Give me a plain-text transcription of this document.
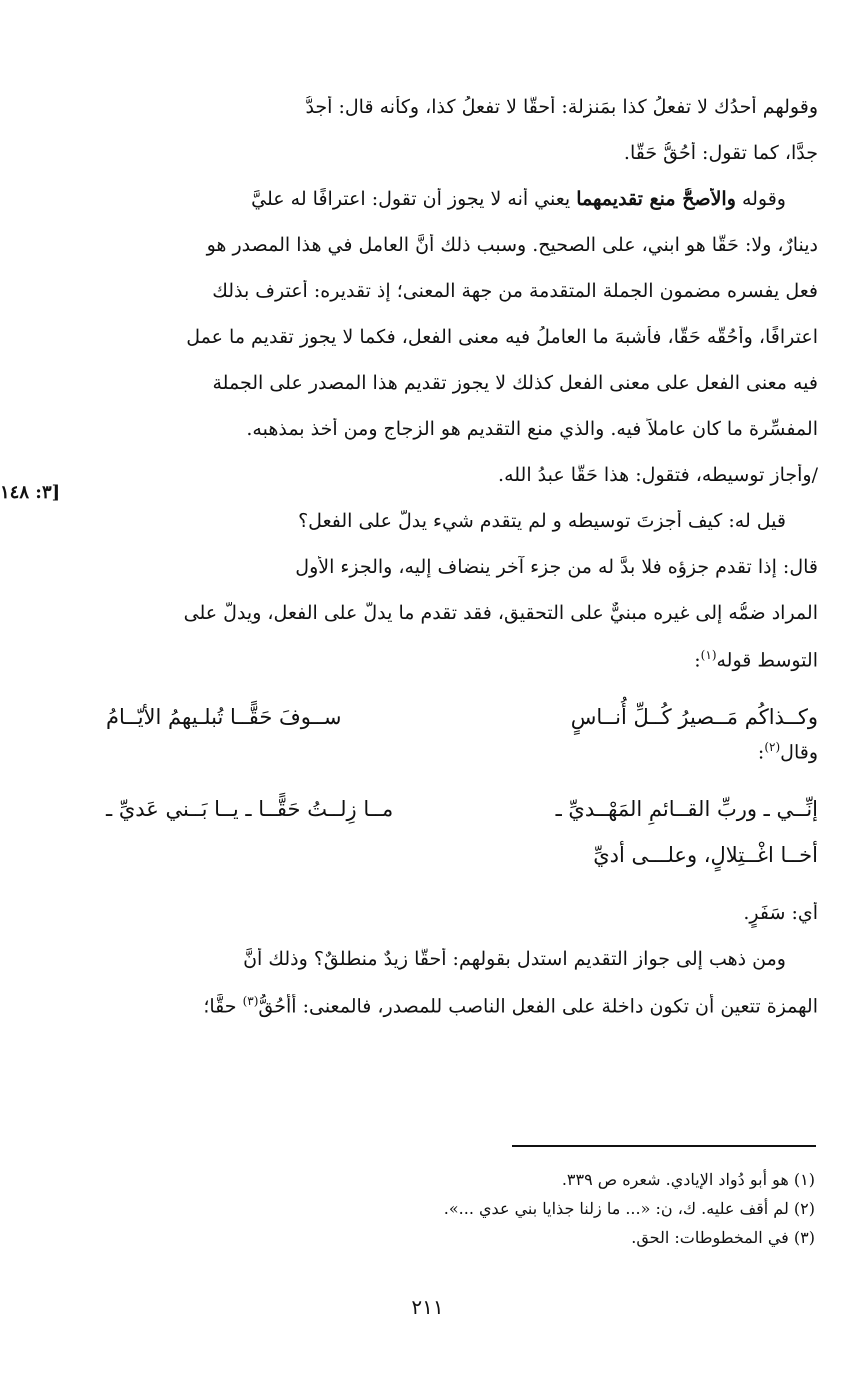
[٣: ١٤٨
وقولهم أحدُك لا تفعلُ كذا بمَنزلة: أحقًّا لا تفعلُ كذا، وكأنه قال: أجدُّ
جدًّا، كما تقول: أَحُقُّ حَقًّا.
وقوله والأصحُّ منع تقديمهما يعني أنه لا يجوز أن تقول: اعترافًا له عليَّ
دينارٌ، ولا: حَقًّا هو ابني، على الصحيح. وسبب ذلك أنَّ العامل في هذا المصدر هو
فعل يفسره مضمون الجملة المتقدمة من جهة المعنى؛ إذ تقديره: أعترف بذلك
اعترافًا، وأحُقُّه حَقًّا، فأشبهَ ما العاملُ فيه معنى الفعل، فكما لا يجوز تقديم ما عمل
فيه معنى الفعل على معنى الفعل كذلك لا يجوز تقديم هذا المصدر على الجملة
المفسِّرة ما كان عاملاً فيه. والذي منع التقديم هو الزجاج ومن أخذ بمذهبه.
/وأجاز توسيطه، فتقول: هذا حَقًّا عبدُ الله.
قيل له: كيف أجزتَ توسيطه و لم يتقدم شيء يدلُّ على الفعل؟
قال: إذا تقدم جزؤه فلا بدَّ له من جزء آخر ينضاف إليه، والجزء الأول
المراد ضمُّه إلى غيره مبنيٌّ على التحقيق، فقد تقدم ما يدلُّ على الفعل، ويدلُّ على
التوسط قوله$^{(١)}$:
وكــذاكُم مَــصيرُ كُــلِّ أُنــاسٍ
ســوفَ حَقًّــا تُبلـيهمُ الأيّــامُ
وقال$^{(٢)}$:
إنِّــي ـ وربِّ القــائمِ المَهْــديِّ ـ
مــا زِلــتُ حَقًّــا ـ يــا بَــني عَديِّ ـ
أخــا اغْــتِلالٍ، وعلـــى أديِّ
أي: سَفَرٍ.
ومن ذهب إلى جواز التقديم استدل بقولهم: أحقًّا زيدٌ منطلقٌ؟ وذلك أنَّ
الهمزة تتعين أن تكون داخلة على الفعل الناصب للمصدر، فالمعنى: أَأَحُقُّ$^{(٣)}$ حقًّا؛
(١) هو أبو دُواد الإيادي. شعره ص ٣٣٩.
(٢) لم أقف عليه. ك، ن: «... ما زلنا جذايا بني عدي ...».
(٣) في المخطوطات: الحق.
٢١١
